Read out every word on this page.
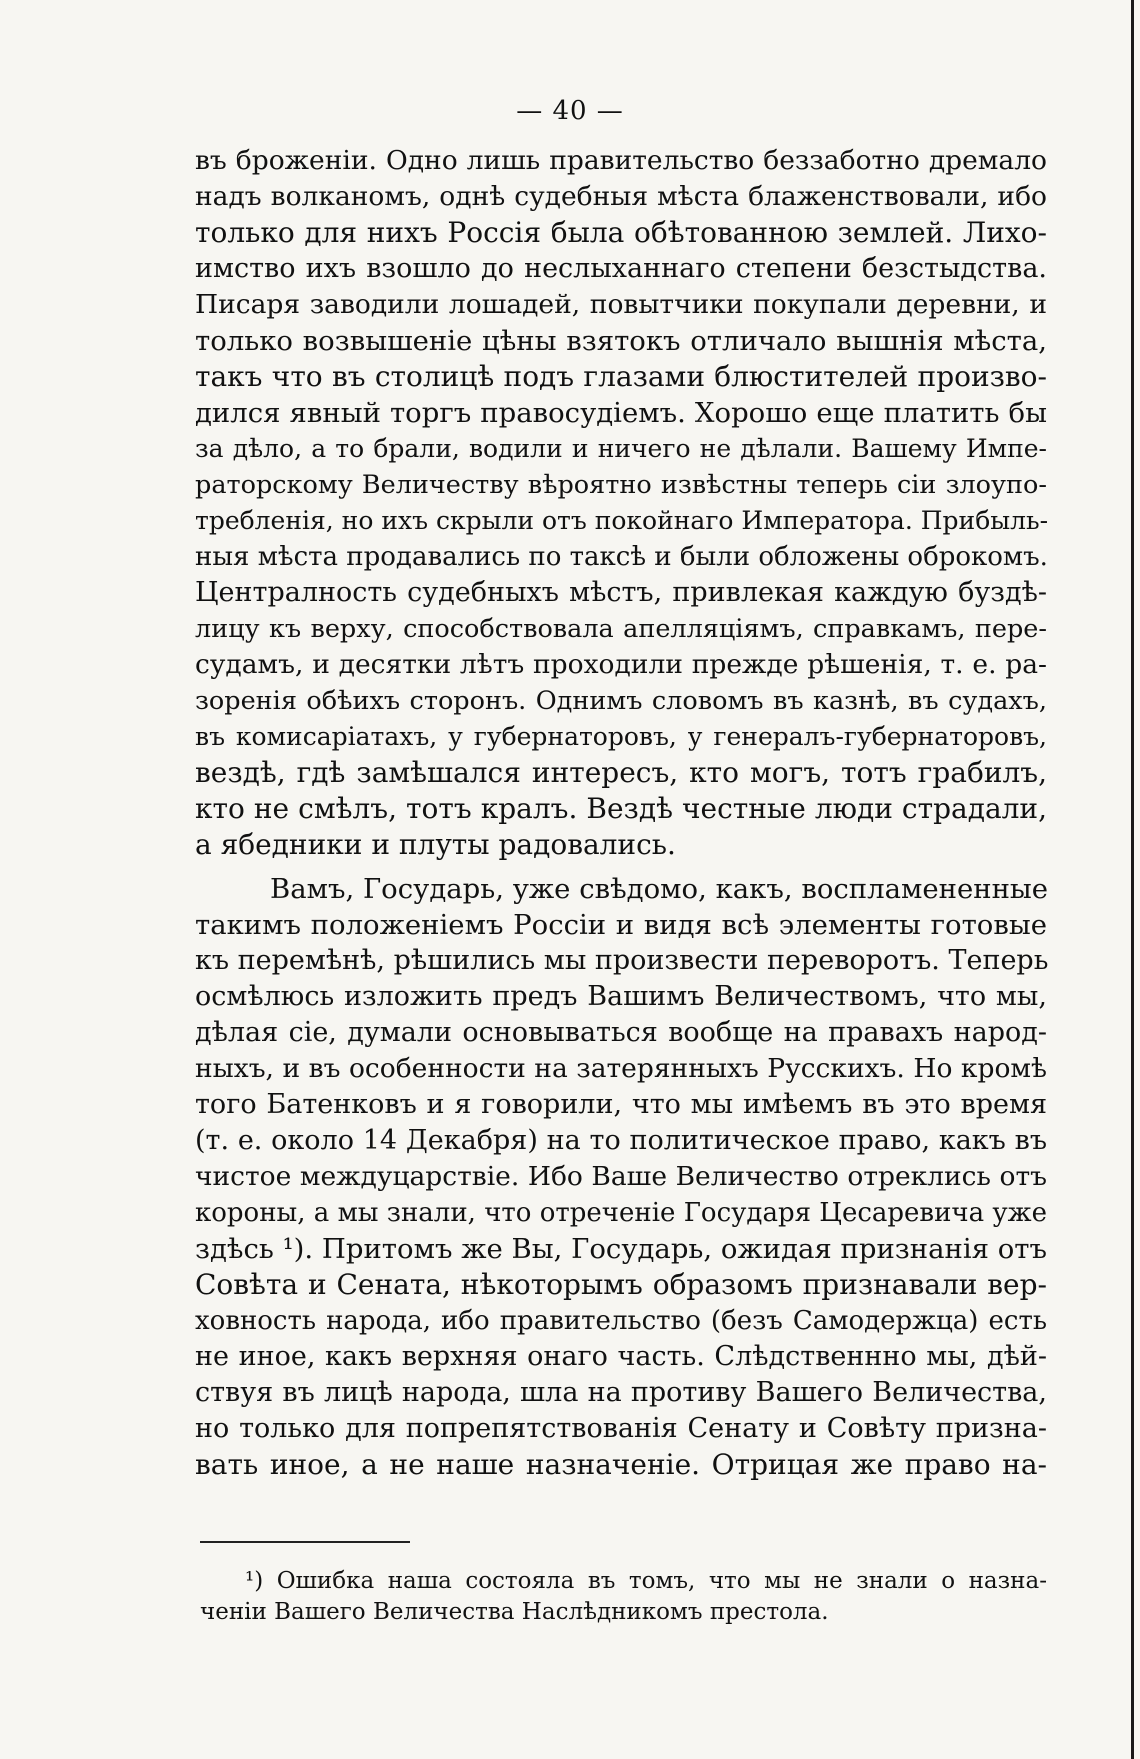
— 40 —
въ броженіи. Одно лишь правительство беззаботно дремало
надъ волканомъ, однѣ судебныя мѣста блаженствовали, ибо
только для нихъ Россія была обѣтованною землей. Лихо-
имство ихъ взошло до неслыханнаго степени безстыдства.
Писаря заводили лошадей, повытчики покупали деревни, и
только возвышеніе цѣны взятокъ отличало вышнія мѣста,
такъ что въ столицѣ подъ глазами блюстителей произво-
дился явный торгъ правосудіемъ. Хорошо еще платить бы
за дѣло, а то брали, водили и ничего не дѣлали. Вашему Импе-
раторскому Величеству вѣроятно извѣстны теперь сіи злоупо-
требленія, но ихъ скрыли отъ покойнаго Императора. Прибыль-
ныя мѣста продавались по таксѣ и были обложены оброкомъ.
Централность судебныхъ мѣстъ, привлекая каждую буздѣ-
лицу къ верху, способствовала апелляціямъ, справкамъ, пере-
судамъ, и десятки лѣтъ проходили прежде рѣшенія, т. е. ра-
зоренія обѣихъ сторонъ. Однимъ словомъ въ казнѣ, въ судахъ,
въ комисаріатахъ, у губернаторовъ, у генералъ-губернаторовъ,
вездѣ, гдѣ замѣшался интересъ, кто могъ, тотъ грабилъ,
кто не смѣлъ, тотъ кралъ. Вездѣ честные люди страдали,
а ябедники и плуты радовались.
Вамъ, Государь, уже свѣдомо, какъ, воспламененные
такимъ положеніемъ Россіи и видя всѣ элементы готовые
къ перемѣнѣ, рѣшились мы произвести переворотъ. Теперь
осмѣлюсь изложить предъ Вашимъ Величествомъ, что мы,
дѣлая сіе, думали основываться вообще на правахъ народ-
ныхъ, и въ особенности на затерянныхъ Русскихъ. Но кромѣ
того Батенковъ и я говорили, что мы имѣемъ въ это время
(т. е. около 14 Декабря) на то политическое право, какъ въ
чистое междуцарствіе. Ибо Ваше Величество отреклись отъ
короны, а мы знали, что отреченіе Государя Цесаревича уже
здѣсь ¹). Притомъ же Вы, Государь, ожидая признанія отъ
Совѣта и Сената, нѣкоторымъ образомъ признавали вер-
ховность народа, ибо правительство (безъ Самодержца) есть
не иное, какъ верхняя онаго часть. Слѣдственнно мы, дѣй-
ствуя въ лицѣ народа, шла на противу Вашего Величества,
но только для попрепятствованія Сенату и Совѣту призна-
вать иное, а не наше назначеніе. Отрицая же право на-
¹) Ошибка наша состояла въ томъ, что мы не знали о назна-
ченіи Вашего Величества Наслѣдникомъ престола.
